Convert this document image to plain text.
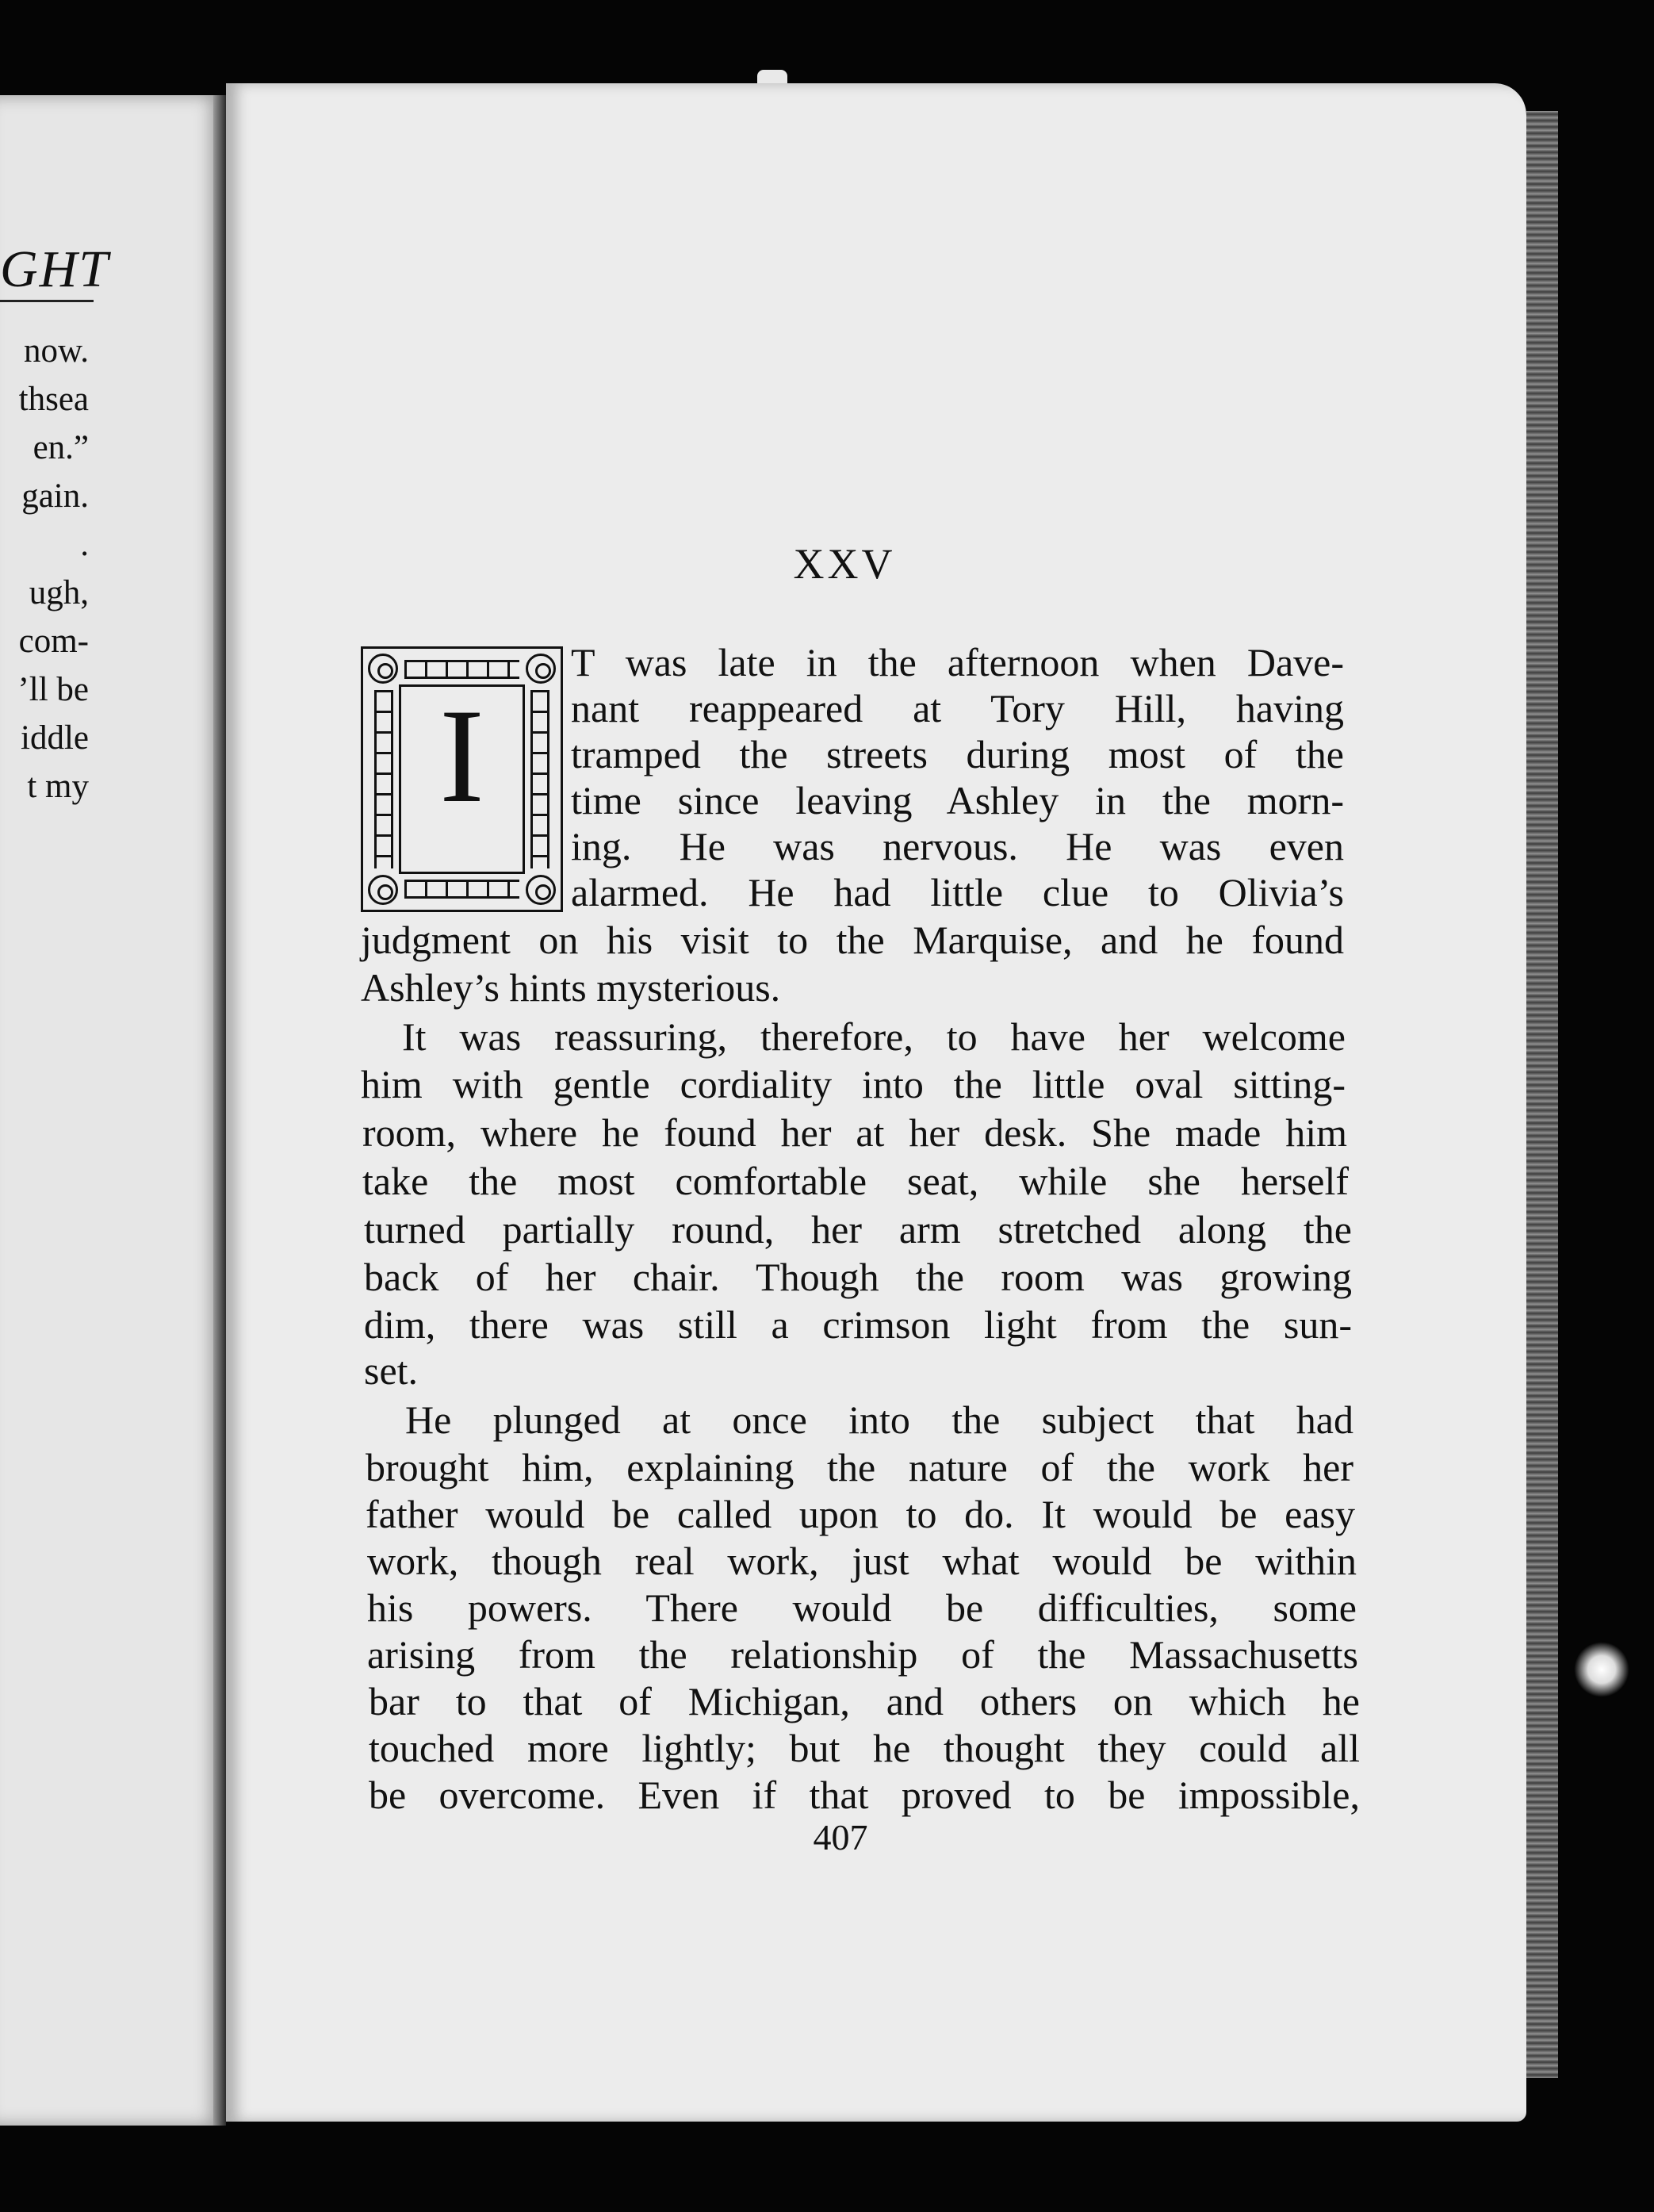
GHT
now.
thsea
en.”
gain.
.
ugh,
com-
’ll be
iddle
t my
XXV
I
T was late in the afternoon when Dave-
nant reappeared at Tory Hill, having
tramped the streets during most of the
time since leaving Ashley in the morn-
ing. He was nervous. He was even
alarmed. He had little clue to Olivia’s
judgment on his visit to the Marquise, and he found
Ashley’s hints mysterious.
It was reassuring, therefore, to have her welcome
him with gentle cordiality into the little oval sitting-
room, where he found her at her desk. She made him
take the most comfortable seat, while she herself
turned partially round, her arm stretched along the
back of her chair. Though the room was growing
dim, there was still a crimson light from the sun-
set.
He plunged at once into the subject that had
brought him, explaining the nature of the work her
father would be called upon to do. It would be easy
work, though real work, just what would be within
his powers. There would be difficulties, some
arising from the relationship of the Massachusetts
bar to that of Michigan, and others on which he
touched more lightly; but he thought they could all
be overcome. Even if that proved to be impossible,
407
